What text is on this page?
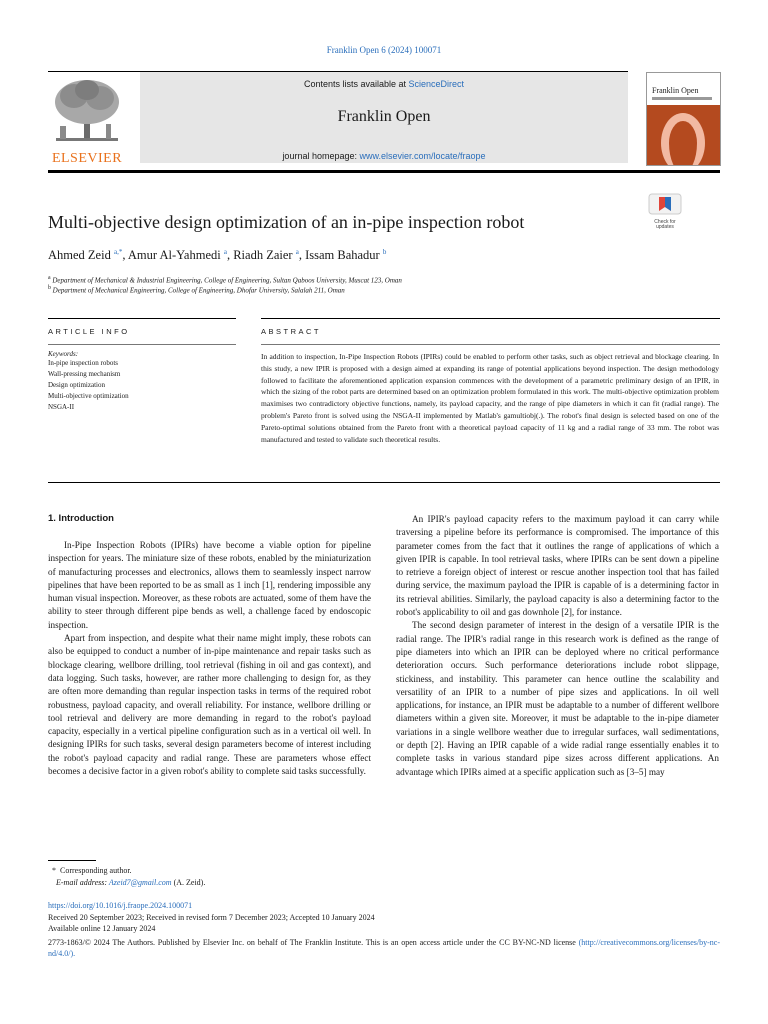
Franklin Open 6 (2024) 100071
ELSEVIER
Contents lists available at ScienceDirect
Franklin Open
journal homepage: www.elsevier.com/locate/fraope
Franklin Open
Multi-objective design optimization of an in-pipe inspection robot	Check for updates
Ahmed Zeid $^{a,*}$, Amur Al-Yahmedi $^a$, Riadh Zaier $^a$, Issam Bahadur $^b$
$^a$ Department of Mechanical & Industrial Engineering, College of Engineering, Sultan Qaboos University, Muscat 123, Oman
$^b$ Department of Mechanical Engineering, College of Engineering, Dhofar University, Salalah 211, Oman
ARTICLE INFO	ABSTRACT
Keywords:
In-pipe inspection robots
Wall-pressing mechanism
Design optimization
Multi-objective optimization
NSGA-II
In addition to inspection, In-Pipe Inspection Robots (IPIRs) could be enabled to perform other tasks, such as object retrieval and blockage clearing. In this study, a new IPIR is proposed with a design aimed at expanding its range of potential applications beyond inspection. The design methodology followed to facilitate the aforementioned application expansion commences with the development of a parametric preliminary design of an IPIR, in which the sizing of the robot parts are determined based on an optimization problem formulated in this work. The multi-objective optimization problem maximises two contradictory objective functions, namely, its payload capacity, and the range of pipe diameters in which it can fit (radial range). The problem's Pareto front is solved using the NSGA-II implemented by Matlab's gamultiobj(.). The robot's final design is selected based on one of the Pareto-optimal solutions obtained from the Pareto front with a theoretical payload capacity of 11 kg and a radial range of 33 mm. The robot was manufactured and tested to validate such theoretical results.
1. Introduction

In-Pipe Inspection Robots (IPIRs) have become a viable option for pipeline inspection for years. The miniature size of these robots, enabled by the miniaturization of manufacturing processes and electronics, allows them to seamlessly inspect narrow pipelines that have been reported to be as small as 1 inch [1], rendering impossible any human visual inspection. Moreover, as these robots are actuated, some of them have the ability to steer through different pipe bends as well, a challenge faced by endoscopic inspection.

Apart from inspection, and despite what their name might imply, these robots can also be equipped to conduct a number of in-pipe maintenance and repair tasks such as blockage clearing, wellbore drilling, tool retrieval (fishing in oil and gas context), and data logging. Such tasks, however, are rather more challenging to design for, as they are often more demanding than regular inspection tasks in terms of the required robot robustness, payload capacity, and overall reliability. For instance, wellbore drilling or tool retrieval and delivery are more demanding in regard to the robot's payload capacity, especially in a vertical pipeline configuration such as in a vertical oil well. In designing IPIRs for such tasks, several design parameters become of interest including the robot's payload capacity and radial range. These are parameters whose effect becomes a decisive factor in a given robot's ability to complete said tasks successfully.

An IPIR's payload capacity refers to the maximum payload it can carry while traversing a pipeline before its performance is compromised. The importance of this parameter comes from the fact that it outlines the range of applications of which a given IPIR is capable. In tool retrieval tasks, where IPIRs can be sent down a pipeline to retrieve a foreign object of interest or rescue another inspection tool that has failed during service, the maximum payload the IPIR is capable of is a determining factor in its retrieval abilities. Similarly, the payload capacity is also a determining factor to the robot's applicability to oil and gas downhole [2], for instance.

The second design parameter of interest in the design of a versatile IPIR is the radial range. The IPIR's radial range in this research work is defined as the range of pipe diameters into which an IPIR can be deployed where no critical performance deterioration occurs. Such performance deteriorations include robot slippage, stickiness, and instability. This parameter can hence outline the scalability and versatility of an IPIR to a number of pipe sizes and applications. In oil well applications, for instance, an IPIR must be adaptable to a number of different wellbore diameters within a given site. Moreover, it must be adaptable to the in-pipe diameter variations in a single wellbore weather due to irregular surfaces, wall sedimentations, or depth [2]. Having an IPIR capable of a wide radial range essentially enables it to complete tasks in various standard pipe sizes across different applications. An advantage which IPIRs aimed at a specific application such as [3–5] may

*  Corresponding author.
E-mail address: Azeid7@gmail.com (A. Zeid).
https://doi.org/10.1016/j.fraope.2024.100071
Received 20 September 2023; Received in revised form 7 December 2023; Accepted 10 January 2024
Available online 12 January 2024
2773-1863/© 2024 The Authors. Published by Elsevier Inc. on behalf of The Franklin Institute. This is an open access article under the CC BY-NC-ND license (http://creativecommons.org/licenses/by-nc-nd/4.0/).
